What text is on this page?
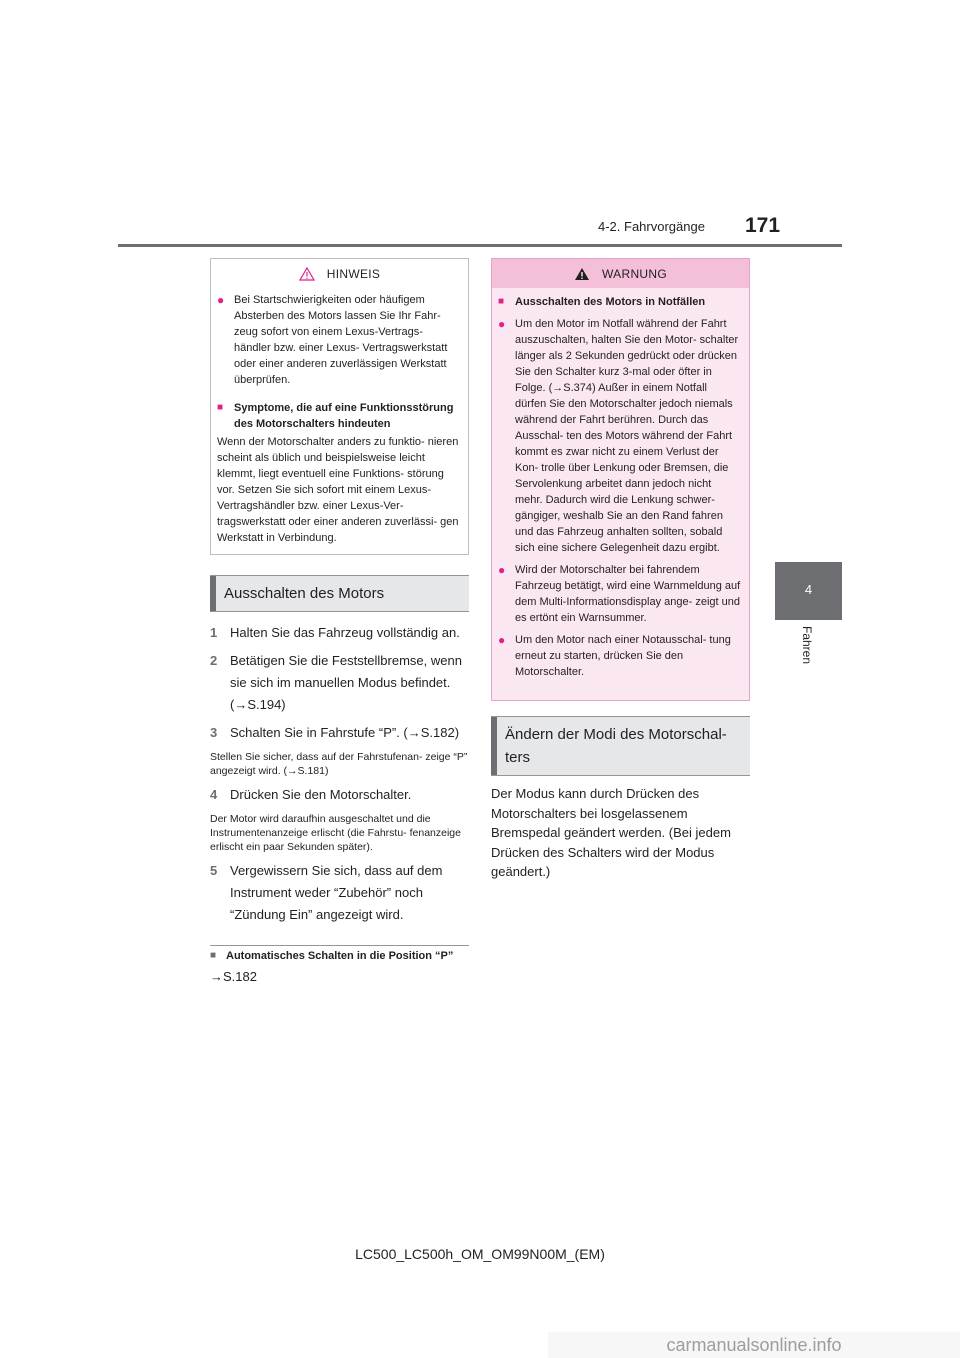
4-2. Fahrvorgänge 171
4
Fahren
HINWEIS
● Bei Startschwierigkeiten oder häufigem Absterben des Motors lassen Sie Ihr Fahr- zeug sofort von einem Lexus-Vertrags- händler bzw. einer Lexus- Vertragswerkstatt oder einer anderen zuverlässigen Werkstatt überprüfen.
■ Symptome, die auf eine Funktionsstörung des Motorschalters hindeuten
Wenn der Motorschalter anders zu funktio- nieren scheint als üblich und beispielsweise leicht klemmt, liegt eventuell eine Funktions- störung vor. Setzen Sie sich sofort mit einem Lexus-Vertragshändler bzw. einer Lexus-Ver- tragswerkstatt oder einer anderen zuverlässi- gen Werkstatt in Verbindung.
Ausschalten des Motors
1 Halten Sie das Fahrzeug vollständig an.
2 Betätigen Sie die Feststellbremse, wenn sie sich im manuellen Modus befindet. (→S.194)
3 Schalten Sie in Fahrstufe “P”. (→S.182)
Stellen Sie sicher, dass auf der Fahrstufenan- zeige “P” angezeigt wird. (→S.181)
4 Drücken Sie den Motorschalter.
Der Motor wird daraufhin ausgeschaltet und die Instrumentenanzeige erlischt (die Fahrstu- fenanzeige erlischt ein paar Sekunden später).
5 Vergewissern Sie sich, dass auf dem Instrument weder “Zubehör” noch “Zündung Ein” angezeigt wird.
■ Automatisches Schalten in die Position “P”
→S.182
WARNUNG
■ Ausschalten des Motors in Notfällen
● Um den Motor im Notfall während der Fahrt auszuschalten, halten Sie den Motor- schalter länger als 2 Sekunden gedrückt oder drücken Sie den Schalter kurz 3-mal oder öfter in Folge. (→S.374) Außer in einem Notfall dürfen Sie den Motorschalter jedoch niemals während der Fahrt berühren. Durch das Ausschal- ten des Motors während der Fahrt kommt es zwar nicht zu einem Verlust der Kon- trolle über Lenkung oder Bremsen, die Servolenkung arbeitet dann jedoch nicht mehr. Dadurch wird die Lenkung schwer- gängiger, weshalb Sie an den Rand fahren und das Fahrzeug anhalten sollten, sobald sich eine sichere Gelegenheit dazu ergibt.
● Wird der Motorschalter bei fahrendem Fahrzeug betätigt, wird eine Warnmeldung auf dem Multi-Informationsdisplay ange- zeigt und es ertönt ein Warnsummer.
● Um den Motor nach einer Notausschal- tung erneut zu starten, drücken Sie den Motorschalter.
Ändern der Modi des Motorschal- ters
Der Modus kann durch Drücken des Motorschalters bei losgelassenem Bremspedal geändert werden. (Bei jedem Drücken des Schalters wird der Modus geändert.)
LC500_LC500h_OM_OM99N00M_(EM)
carmanualsonline.info
